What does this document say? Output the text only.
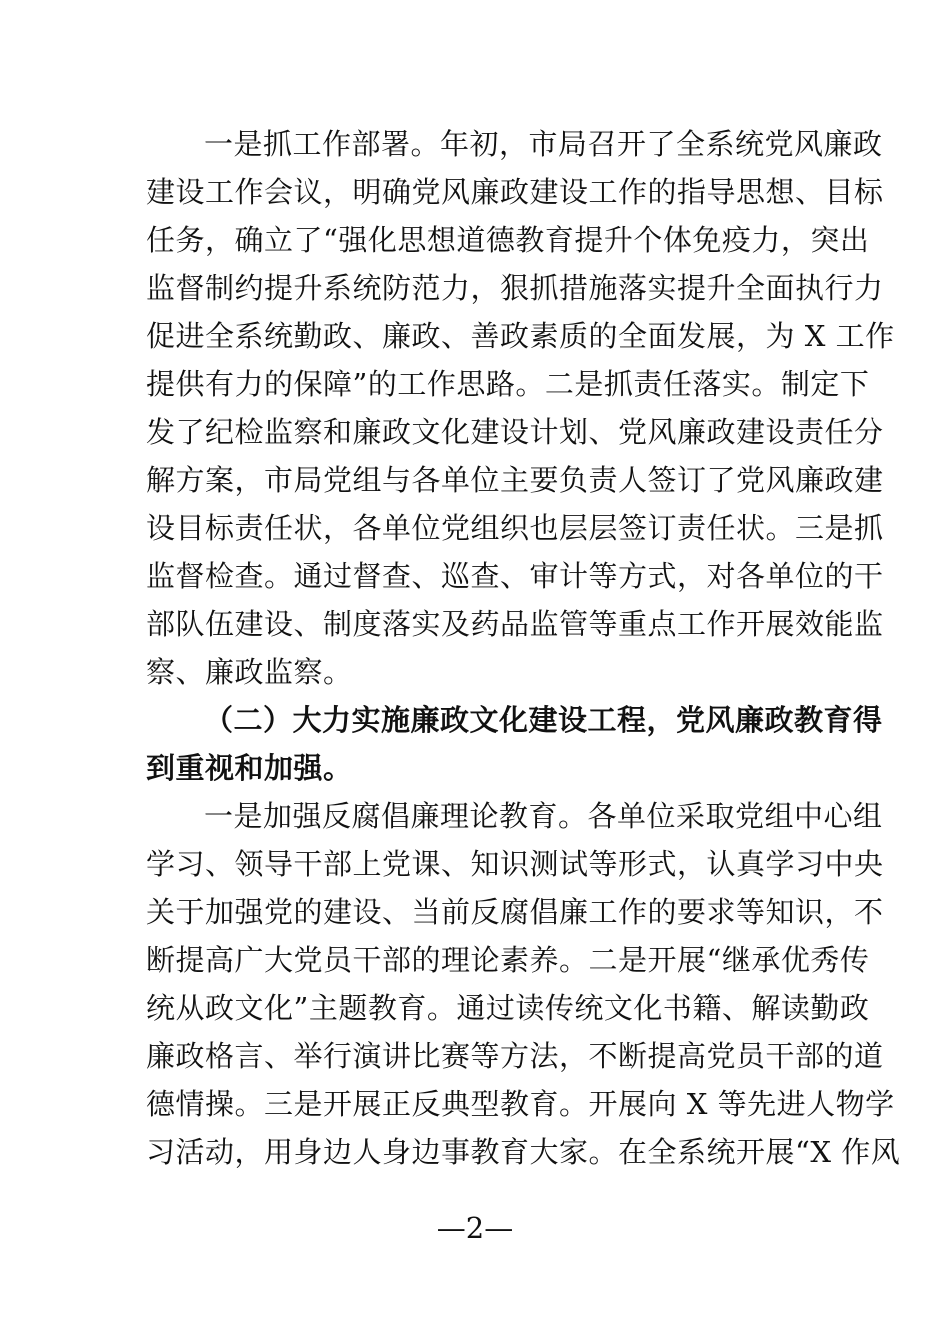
一是抓工作部署。年初，市局召开了全系统党风廉政
建设工作会议，明确党风廉政建设工作的指导思想、目标
任务，确立了“强化思想道德教育提升个体免疫力，突出
监督制约提升系统防范力，狠抓措施落实提升全面执行力
促进全系统勤政、廉政、善政素质的全面发展，为 X 工作
提供有力的保障”的工作思路。二是抓责任落实。制定下
发了纪检监察和廉政文化建设计划、党风廉政建设责任分
解方案，市局党组与各单位主要负责人签订了党风廉政建
设目标责任状，各单位党组织也层层签订责任状。三是抓
监督检查。通过督查、巡查、审计等方式，对各单位的干
部队伍建设、制度落实及药品监管等重点工作开展效能监
察、廉政监察。
（二）大力实施廉政文化建设工程，党风廉政教育得
到重视和加强。
一是加强反腐倡廉理论教育。各单位采取党组中心组
学习、领导干部上党课、知识测试等形式，认真学习中央
关于加强党的建设、当前反腐倡廉工作的要求等知识，不
断提高广大党员干部的理论素养。二是开展“继承优秀传
统从政文化”主题教育。通过读传统文化书籍、解读勤政
廉政格言、举行演讲比赛等方法，不断提高党员干部的道
德情操。三是开展正反典型教育。开展向 X 等先进人物学
习活动，用身边人身边事教育大家。在全系统开展“X 作风
—2—
